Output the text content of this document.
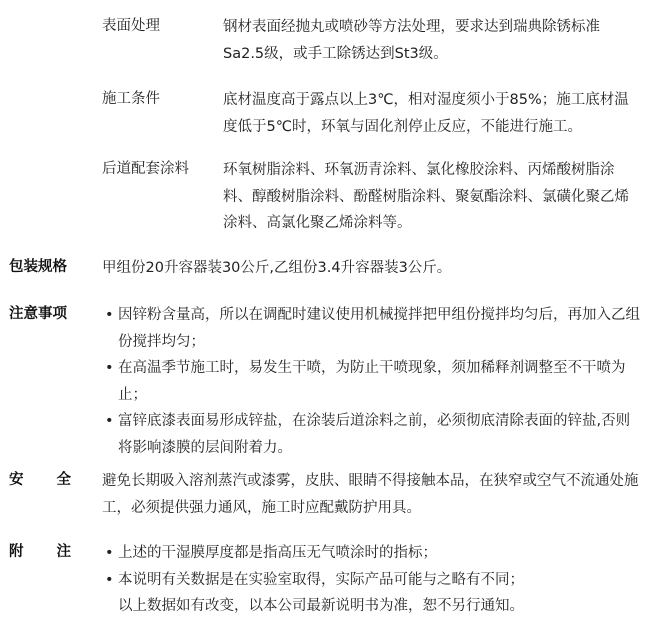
表面处理	钢材表面经抛丸或喷砂等方法处理，要求达到瑞典除锈标准Sa2.5级，或手工除锈达到St3级。
施工条件	底材温度高于露点以上3℃，相对湿度须小于85%；施工底材温度低于5℃时，环氧与固化剂停止反应，不能进行施工。
后道配套涂料	环氧树脂涂料、环氧沥青涂料、氯化橡胶涂料、丙烯酸树脂涂料、醇酸树脂涂料、酚醛树脂涂料、聚氨酯涂料、氯磺化聚乙烯涂料、高氯化聚乙烯涂料等。
包装规格	甲组份20升容器装30公斤,乙组份3.4升容器装3公斤。
注意事项	• 因锌粉含量高，所以在调配时建议使用机械搅拌把甲组份搅拌均匀后，再加入乙组份搅拌均匀；
• 在高温季节施工时，易发生干喷，为防止干喷现象，须加稀释剂调整至不干喷为止；
• 富锌底漆表面易形成锌盐，在涂装后道涂料之前，必须彻底清除表面的锌盐,否则将影响漆膜的层间附着力。
安 全 避免长期吸入溶剂蒸汽或漆雾，皮肤、眼睛不得接触本品，在狭窄或空气不流通处施工，必须提供强力通风，施工时应配戴防护用具。
附 注	• 上述的干湿膜厚度都是指高压无气喷涂时的指标；
• 本说明有关数据是在实验室取得，实际产品可能与之略有不同；
以上数据如有改变，以本公司最新说明书为准，恕不另行通知。
